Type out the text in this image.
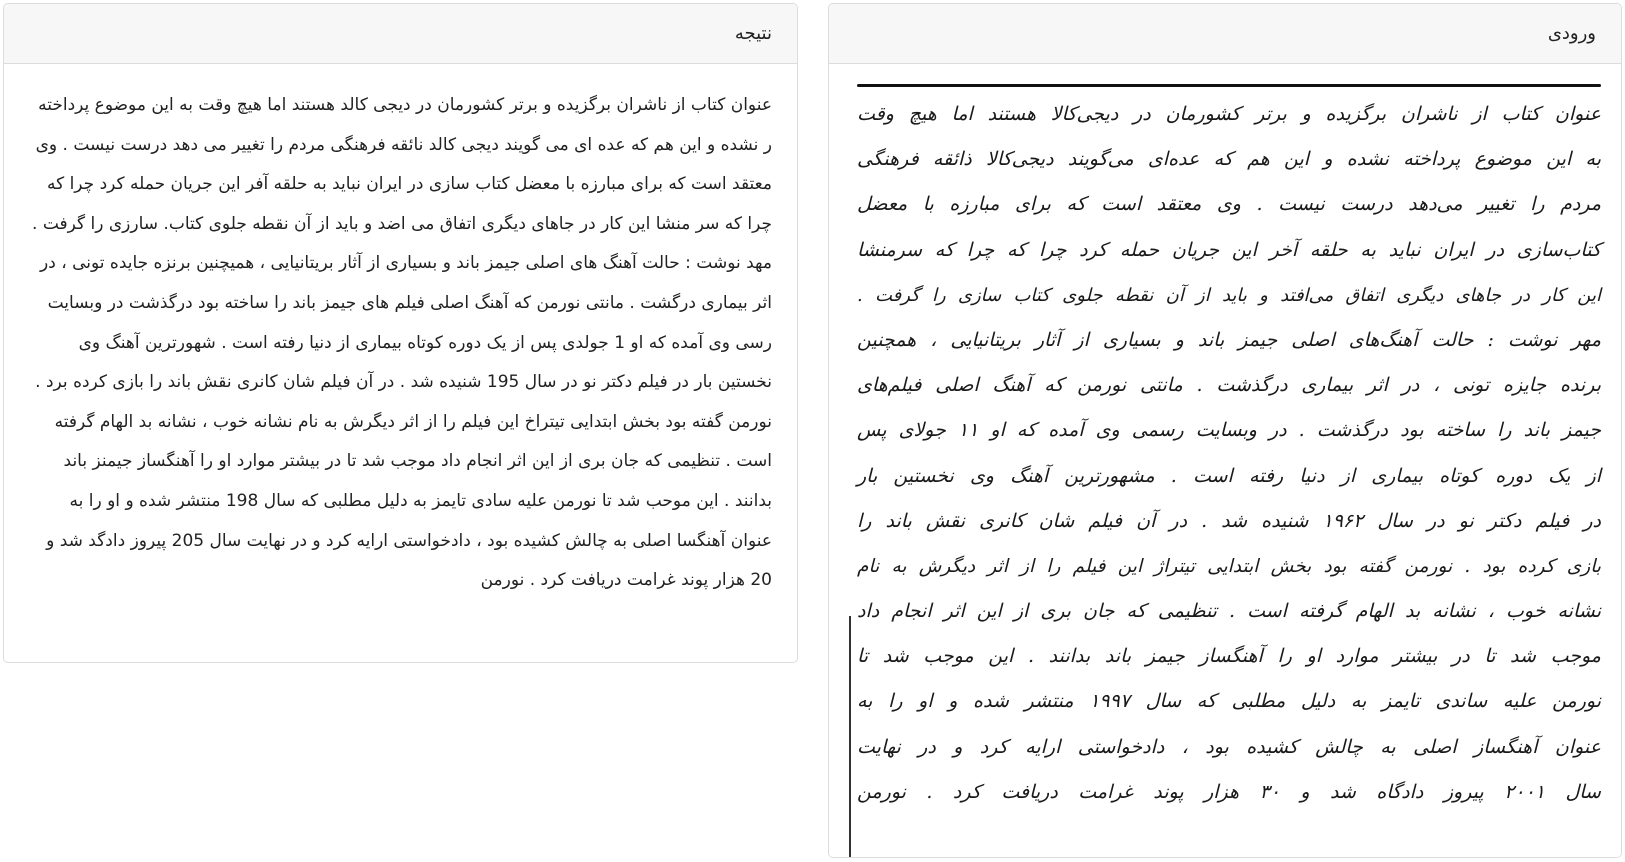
نتیجه

عنوان کتاب از ناشران برگزیده و برتر کشورمان در دیجی کالد هستند اما هیچ وقت به این موضوع پرداخته ر نشده و این هم که عده ای می گویند دیجی کالد نائقه فرهنگی مردم را تغییر می دهد درست نیست . وی معتقد است که برای مبارزه با معضل کتاب سازی در ایران نباید به حلقه آفر این جریان حمله کرد چرا که چرا که سر منشا این کار در جاهای دیگری اتفاق می اضد و باید از آن نقطه جلوی کتاب. سارزی را گرفت . مهد نوشت : حالت آهنگ های اصلی جیمز باند و بسیاری از آثار بریتانیایی ، همیچنین برنزه جایده تونی ، در اثر بیماری درگشت . مانتی نورمن که آهنگ اصلی فیلم های جیمز باند را ساخته بود درگذشت در وبسایت رسی وی آمده که او 1 جولدی پس از یک دوره کوتاه بیماری از دنیا رفته است . شهورترین آهنگ وی نخستین بار در فیلم دکتر نو در سال 195 شنیده شد . در آن فیلم شان کانری نقش باند را بازی کرده برد . نورمن گفته بود بخش ابتدایی تیتراخ این فیلم را از اثر دیگرش به نام نشانه خوب ، نشانه بد الهام گرفته است . تنظیمی که جان بری از این اثر انجام داد موجب شد تا در بیشتر موارد او را آهنگساز جیمنز باند بدانند . این موحب شد تا نورمن علیه سادی تایمز به دلیل مطلبی که سال 198 منتشر شده و او را به عنوان آهنگسا اصلی به چالش کشیده بود ، دادخواستی ارایه کرد و در نهایت سال 205 پیروز دادگد شد و 20 هزار پوند غرامت دریافت کرد . نورمن

ورودی
عنوان کتاب از ناشران برگزیده و برتر کشورمان در دیجی‌کالا هستند اما هیچ وقت
به این موضوع پرداخته نشده و این هم که عده‌ای می‌گویند دیجی‌کالا ذائقه فرهنگی
مردم را تغییر می‌دهد درست نیست . وی معتقد است که برای مبارزه با معضل
کتاب‌سازی در ایران نباید به حلقه آخر این جریان حمله کرد چرا که چرا که سرمنشا
این کار در جاهای دیگری اتفاق می‌افتد و باید از آن نقطه جلوی کتاب سازی را گرفت .
مهر نوشت : حالت آهنگ‌های اصلی جیمز باند و بسیاری از آثار بریتانیایی ، همچنین
برنده جایزه تونی ، در اثر بیماری درگذشت . مانتی نورمن که آهنگ اصلی فیلم‌های
جیمز باند را ساخته بود درگذشت . در وبسایت رسمی وی آمده که او ۱۱ جولای پس
از یک دوره کوتاه بیماری از دنیا رفته است . مشهورترین آهنگ وی نخستین بار
در فیلم دکتر نو در سال ۱۹۶۲ شنیده شد . در آن فیلم شان کانری نقش باند را
بازی کرده بود . نورمن گفته بود بخش ابتدایی تیتراژ این فیلم را از اثر دیگرش به نام
نشانه خوب ، نشانه بد الهام گرفته است . تنظیمی که جان بری از این اثر انجام داد
موجب شد تا در بیشتر موارد او را آهنگساز جیمز باند بدانند . این موجب شد تا
نورمن علیه ساندی تایمز به دلیل مطلبی که سال ۱۹۹۷ منتشر شده و او را به
عنوان آهنگساز اصلی به چالش کشیده بود ، دادخواستی ارایه کرد و در نهایت
سال ۲۰۰۱ پیروز دادگاه شد و ۳۰ هزار پوند غرامت دریافت کرد . نورمن
